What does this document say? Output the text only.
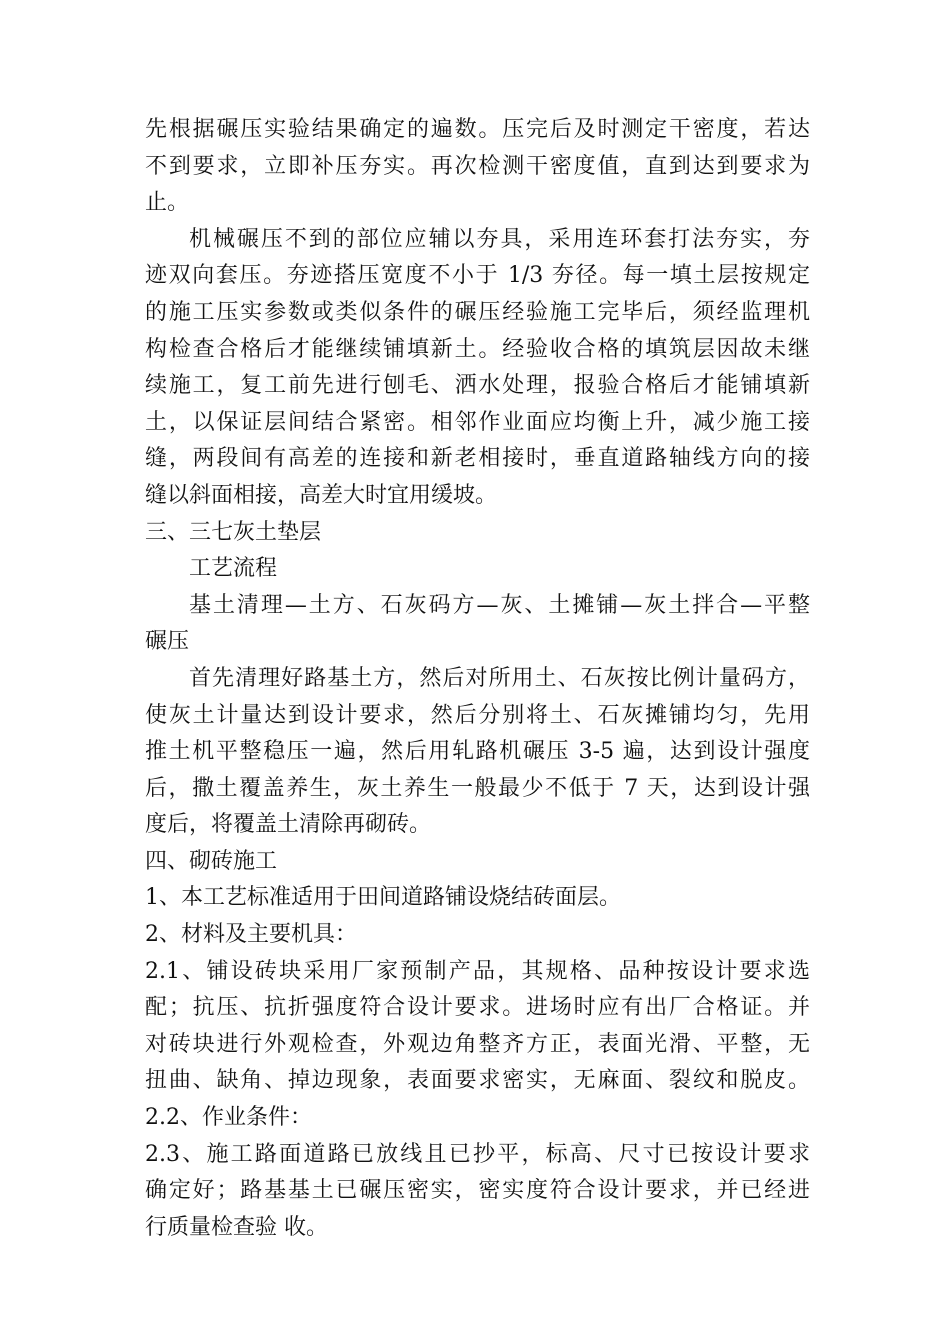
先根据碾压实验结果确定的遍数。压完后及时测定干密度，若达
不到要求，立即补压夯实。再次检测干密度值，直到达到要求为
止。
机械碾压不到的部位应辅以夯具，采用连环套打法夯实，夯
迹双向套压。夯迹搭压宽度不小于 1/3 夯径。每一填土层按规定
的施工压实参数或类似条件的碾压经验施工完毕后，须经监理机
构检查合格后才能继续铺填新土。经验收合格的填筑层因故未继
续施工，复工前先进行刨毛、洒水处理，报验合格后才能铺填新
土，以保证层间结合紧密。相邻作业面应均衡上升，减少施工接
缝，两段间有高差的连接和新老相接时，垂直道路轴线方向的接
缝以斜面相接，高差大时宜用缓坡。
三、三七灰土垫层
工艺流程
基土清理—土方、石灰码方—灰、土摊铺—灰土拌合—平整
碾压
首先清理好路基土方，然后对所用土、石灰按比例计量码方，
使灰土计量达到设计要求，然后分别将土、石灰摊铺均匀，先用
推土机平整稳压一遍，然后用轧路机碾压 3-5 遍，达到设计强度
后，撒土覆盖养生，灰土养生一般最少不低于 7 天，达到设计强
度后，将覆盖土清除再砌砖。
四、砌砖施工
1、本工艺标准适用于田间道路铺设烧结砖面层。
2、材料及主要机具：
2.1、铺设砖块采用厂家预制产品，其规格、品种按设计要求选
配；抗压、抗折强度符合设计要求。进场时应有出厂合格证。并
对砖块进行外观检查，外观边角整齐方正，表面光滑、平整，无
扭曲、缺角、掉边现象，表面要求密实，无麻面、裂纹和脱皮。
2.2、作业条件：
2.3、施工路面道路已放线且已抄平，标高、尺寸已按设计要求
确定好；路基基土已碾压密实，密实度符合设计要求，并已经进
行质量检查验 收。
